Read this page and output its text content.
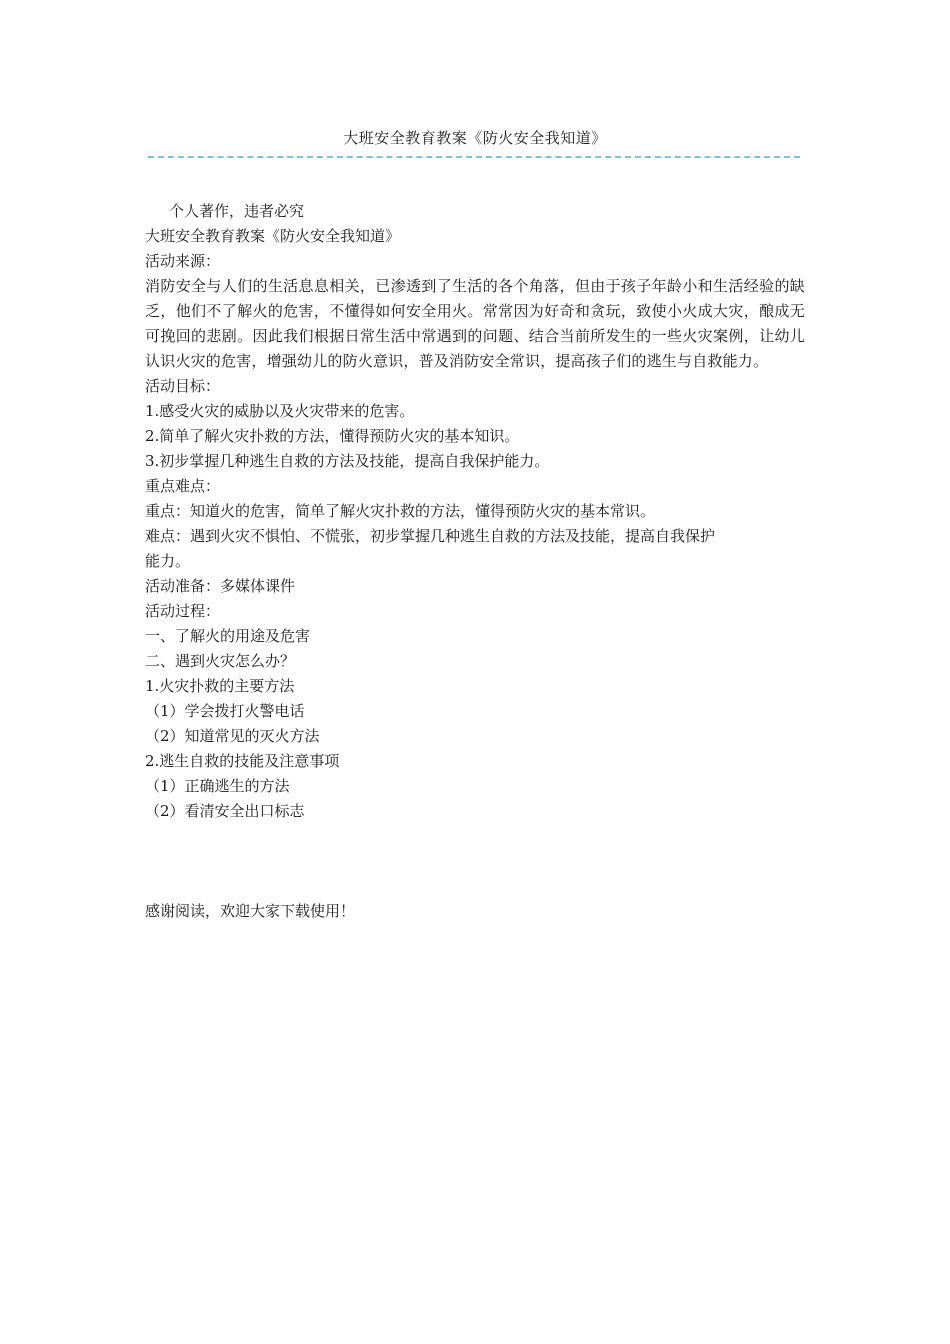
大班安全教育教案《防火安全我知道》

个人著作，违者必究

大班安全教育教案《防火安全我知道》

活动来源：

消防安全与人们的生活息息相关，已渗透到了生活的各个角落，但由于孩子年龄小和生活经验的缺乏，他们不了解火的危害，不懂得如何安全用火。常常因为好奇和贪玩，致使小火成大灾，酿成无可挽回的悲剧。因此我们根据日常生活中常遇到的问题、结合当前所发生的一些火灾案例，让幼儿认识火灾的危害，增强幼儿的防火意识，普及消防安全常识，提高孩子们的逃生与自救能力。

活动目标：

1.感受火灾的威胁以及火灾带来的危害。

2.简单了解火灾扑救的方法，懂得预防火灾的基本知识。

3.初步掌握几种逃生自救的方法及技能，提高自我保护能力。

重点难点：

重点：知道火的危害，简单了解火灾扑救的方法，懂得预防火灾的基本常识。

难点：遇到火灾不惧怕、不慌张，初步掌握几种逃生自救的方法及技能，提高自我保护

能力。

活动准备：多媒体课件

活动过程：

一、了解火的用途及危害

二、遇到火灾怎么办？

1.火灾扑救的主要方法

（1）学会拨打火警电话

（2）知道常见的灭火方法

2.逃生自救的技能及注意事项

（1）正确逃生的方法

（2）看清安全出口标志

感谢阅读，欢迎大家下载使用！
